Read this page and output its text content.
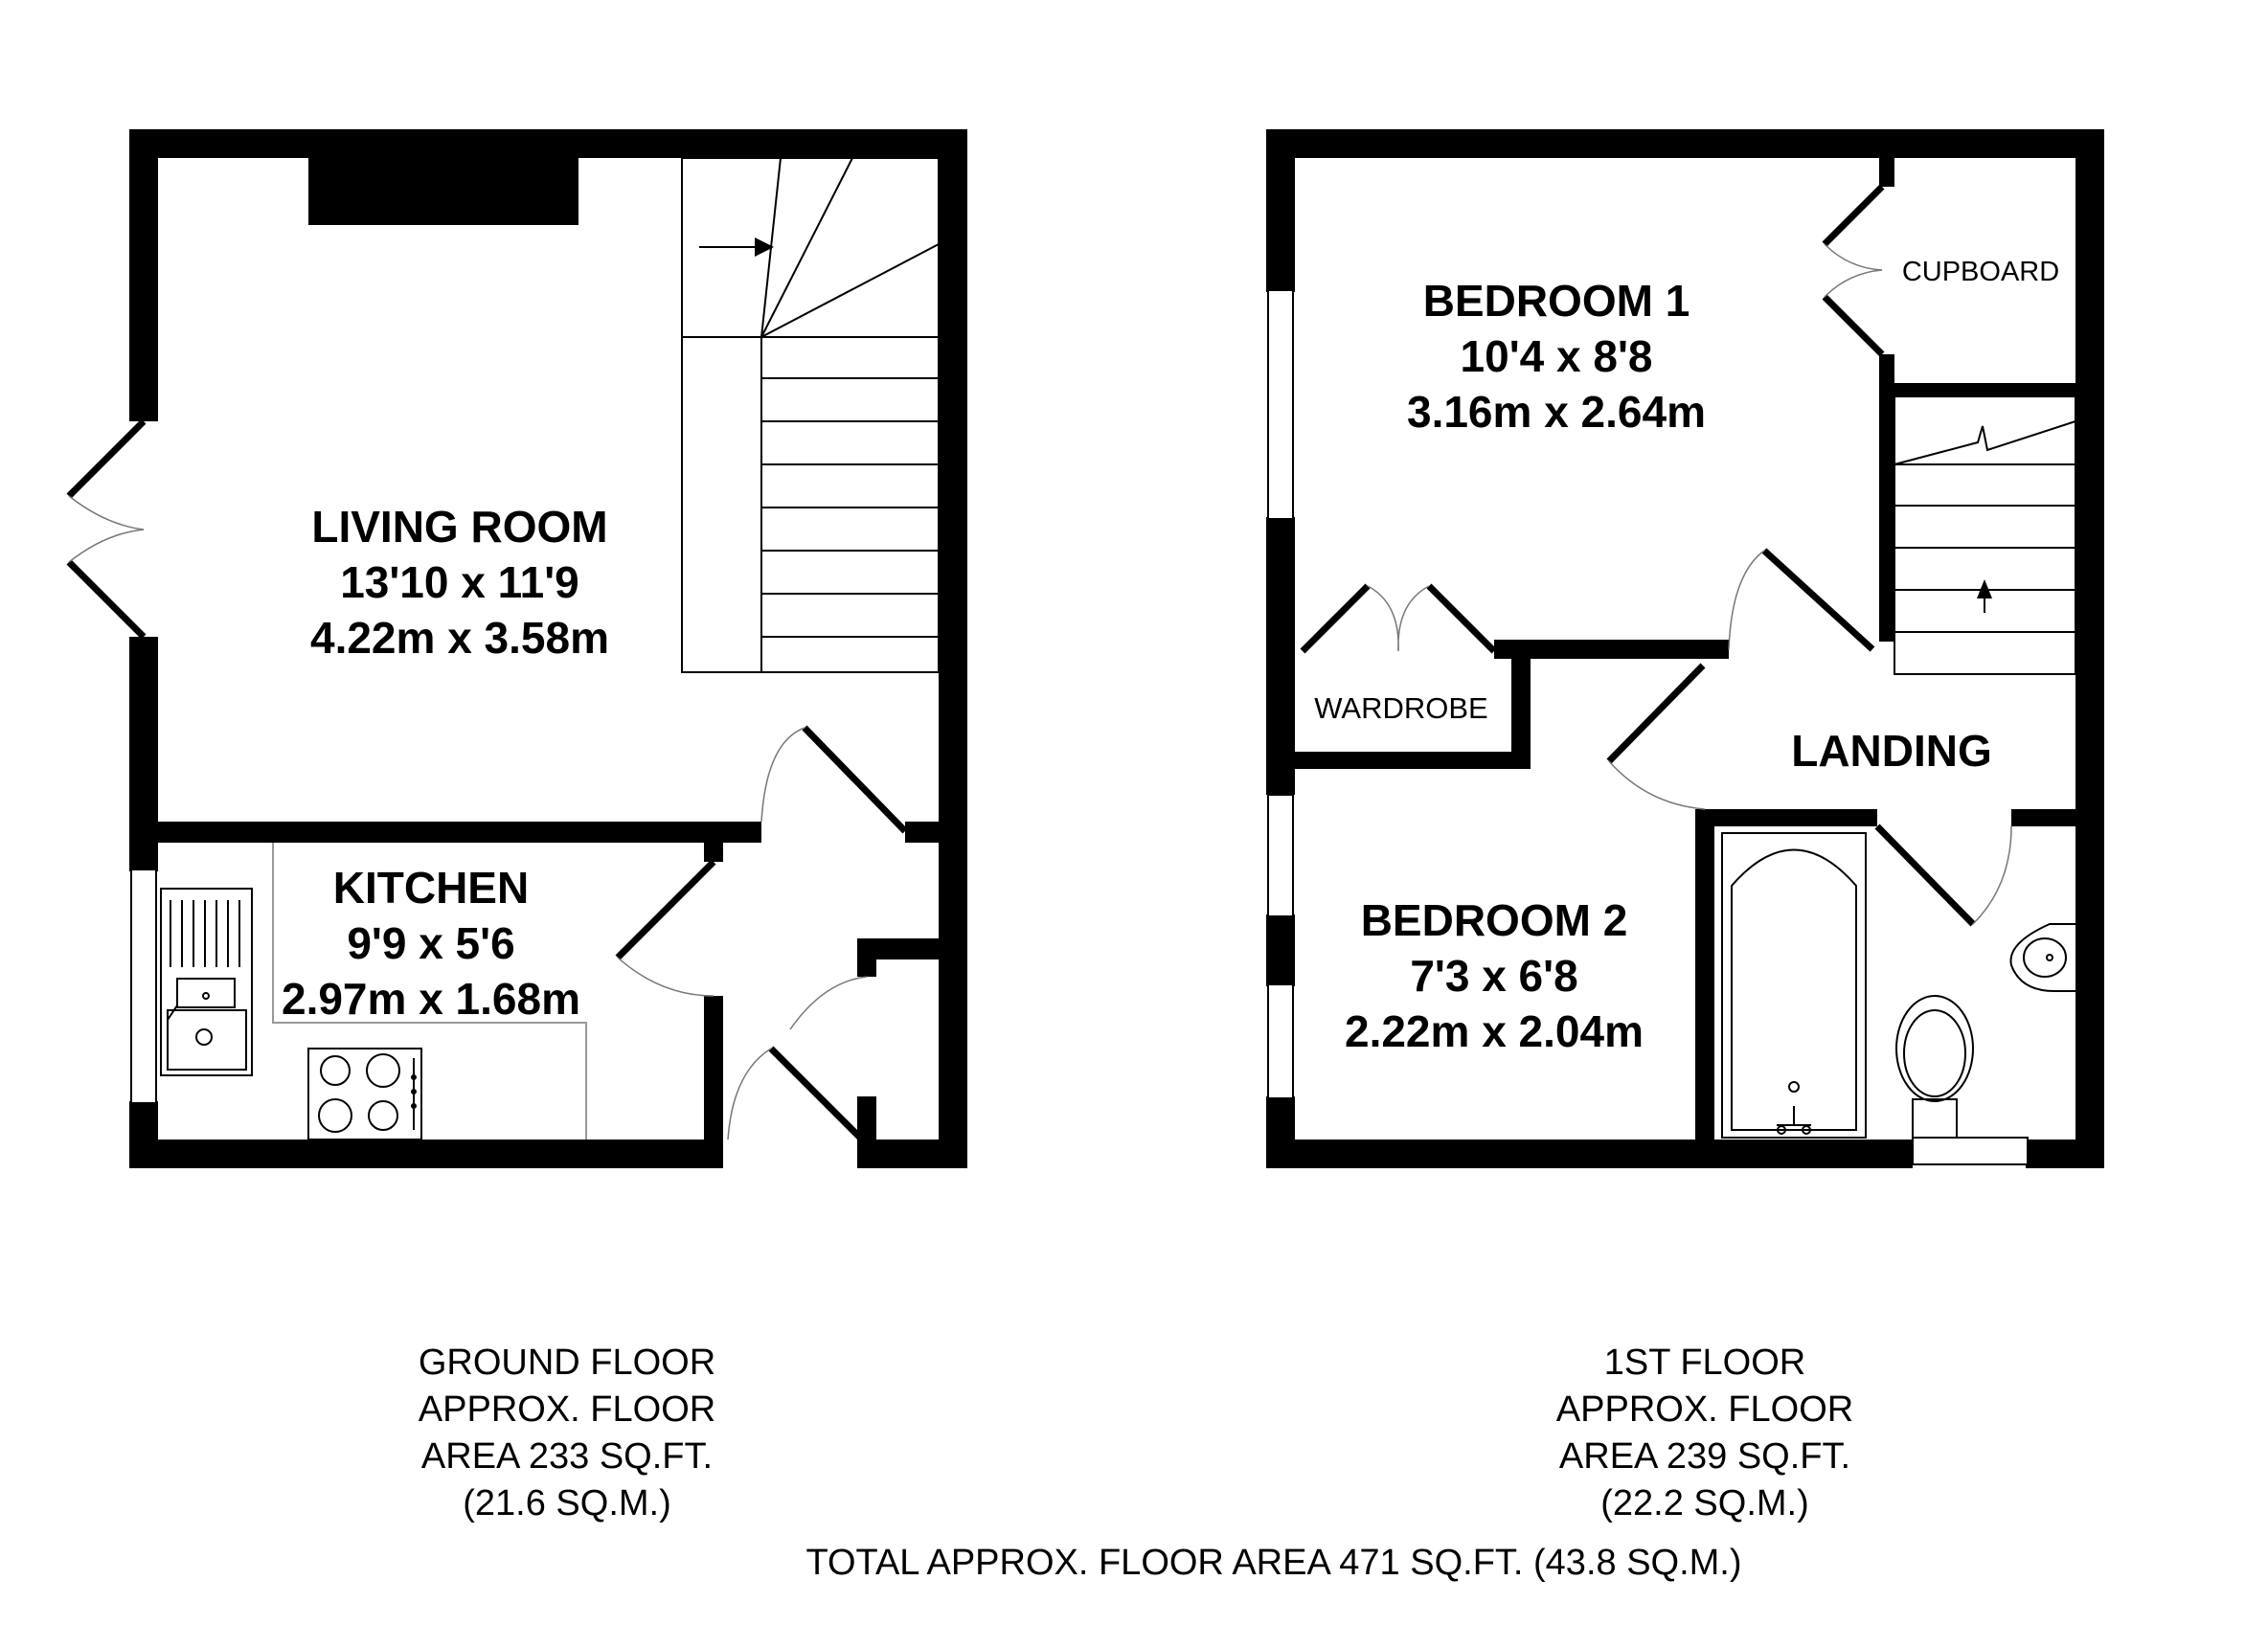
LIVING ROOM
13'10 x 11'9
4.22m x 3.58m
KITCHEN
9'9 x 5'6
2.97m x 1.68m
BEDROOM 1
10'4 x 8'8
3.16m x 2.64m
BEDROOM 2
7'3 x 6'8
2.22m x 2.04m
LANDING
CUPBOARD
WARDROBE
GROUND FLOOR
APPROX. FLOOR
AREA 233 SQ.FT.
(21.6 SQ.M.)
1ST FLOOR
APPROX. FLOOR
AREA 239 SQ.FT.
(22.2 SQ.M.)
TOTAL APPROX. FLOOR AREA 471 SQ.FT. (43.8 SQ.M.)
